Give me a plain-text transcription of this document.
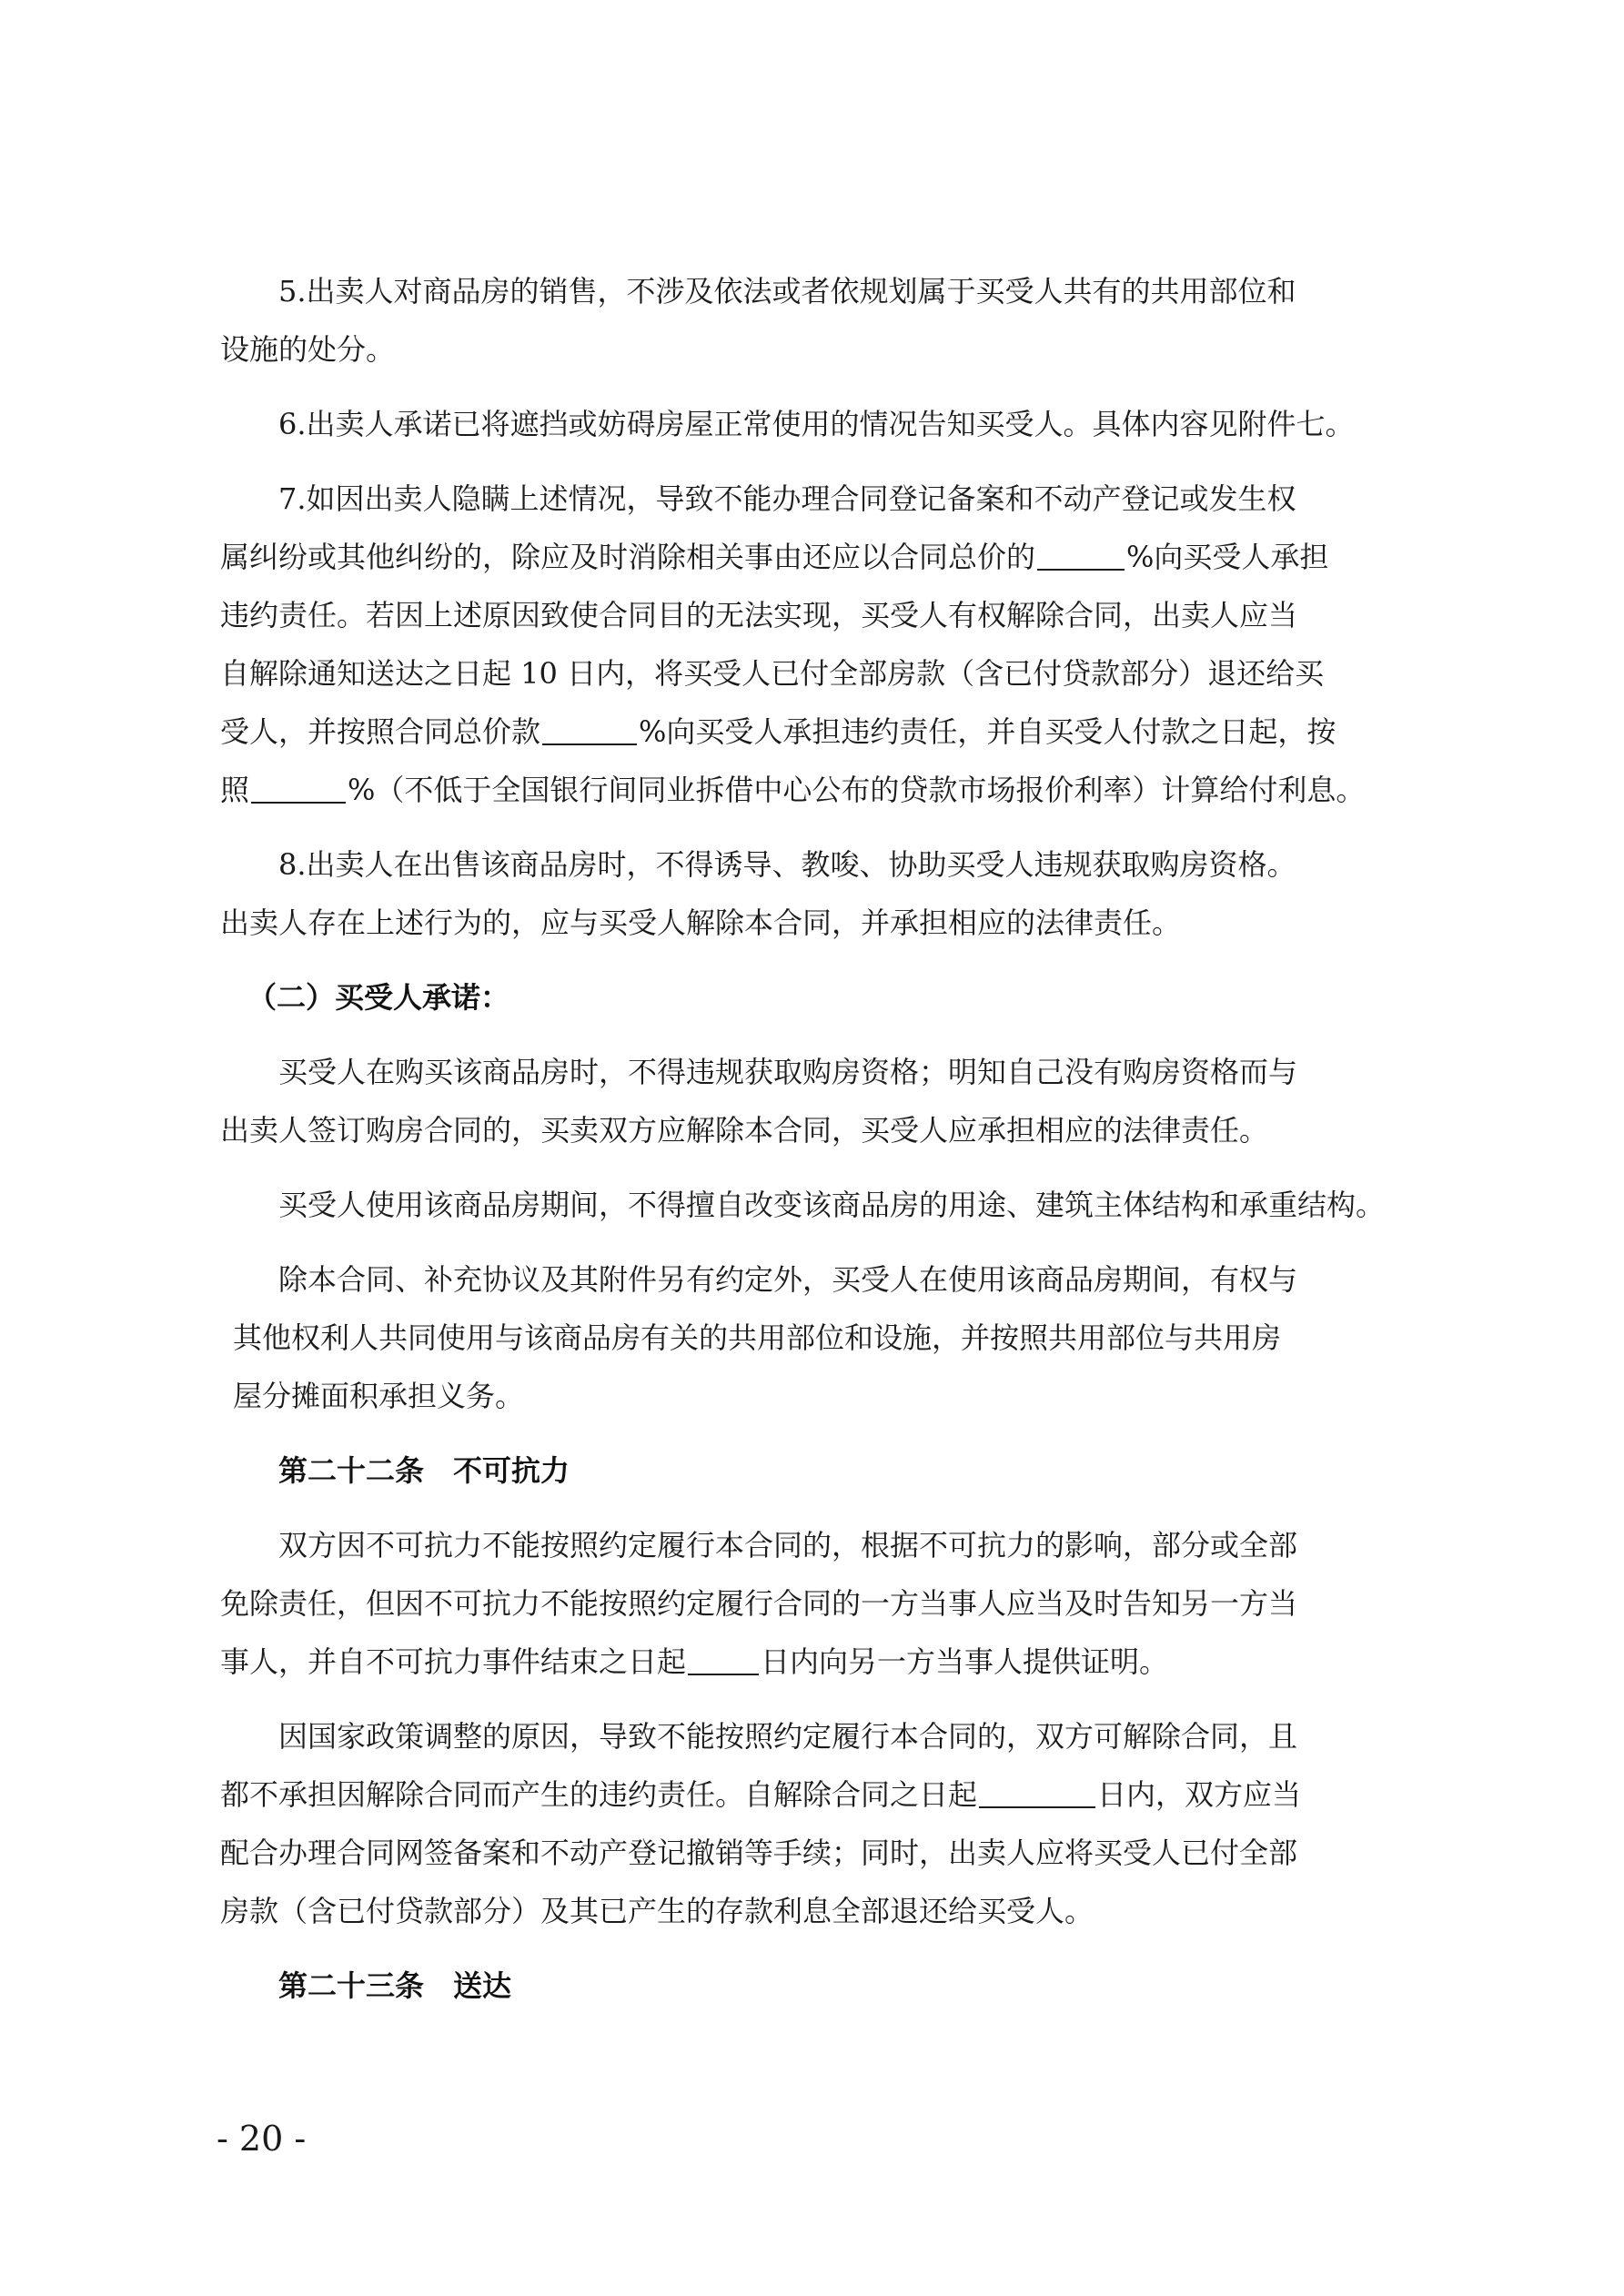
5.出卖人对商品房的销售，不涉及依法或者依规划属于买受人共有的共用部位和
设施的处分。
6.出卖人承诺已将遮挡或妨碍房屋正常使用的情况告知买受人。具体内容见附件七。
7.如因出卖人隐瞒上述情况，导致不能办理合同登记备案和不动产登记或发生权
属纠纷或其他纠纷的，除应及时消除相关事由还应以合同总价的	%向买受人承担
违约责任。若因上述原因致使合同目的无法实现，买受人有权解除合同，出卖人应当
自解除通知送达之日起 10 日内，将买受人已付全部房款（含已付贷款部分）退还给买
受人，并按照合同总价款	%向买受人承担违约责任，并自买受人付款之日起，按
照	%（不低于全国银行间同业拆借中心公布的贷款市场报价利率）计算给付利息。
8.出卖人在出售该商品房时，不得诱导、教唆、协助买受人违规获取购房资格。
出卖人存在上述行为的，应与买受人解除本合同，并承担相应的法律责任。
（二）买受人承诺：
买受人在购买该商品房时，不得违规获取购房资格；明知自己没有购房资格而与
出卖人签订购房合同的，买卖双方应解除本合同，买受人应承担相应的法律责任。
买受人使用该商品房期间，不得擅自改变该商品房的用途、建筑主体结构和承重结构。
除本合同、补充协议及其附件另有约定外，买受人在使用该商品房期间，有权与
其他权利人共同使用与该商品房有关的共用部位和设施，并按照共用部位与共用房
屋分摊面积承担义务。
第二十二条　不可抗力
双方因不可抗力不能按照约定履行本合同的，根据不可抗力的影响，部分或全部
免除责任，但因不可抗力不能按照约定履行合同的一方当事人应当及时告知另一方当
事人，并自不可抗力事件结束之日起	日内向另一方当事人提供证明。
因国家政策调整的原因，导致不能按照约定履行本合同的，双方可解除合同，且
都不承担因解除合同而产生的违约责任。自解除合同之日起	日内，双方应当
配合办理合同网签备案和不动产登记撤销等手续；同时，出卖人应将买受人已付全部
房款（含已付贷款部分）及其已产生的存款利息全部退还给买受人。
第二十三条　送达
- 20 -
